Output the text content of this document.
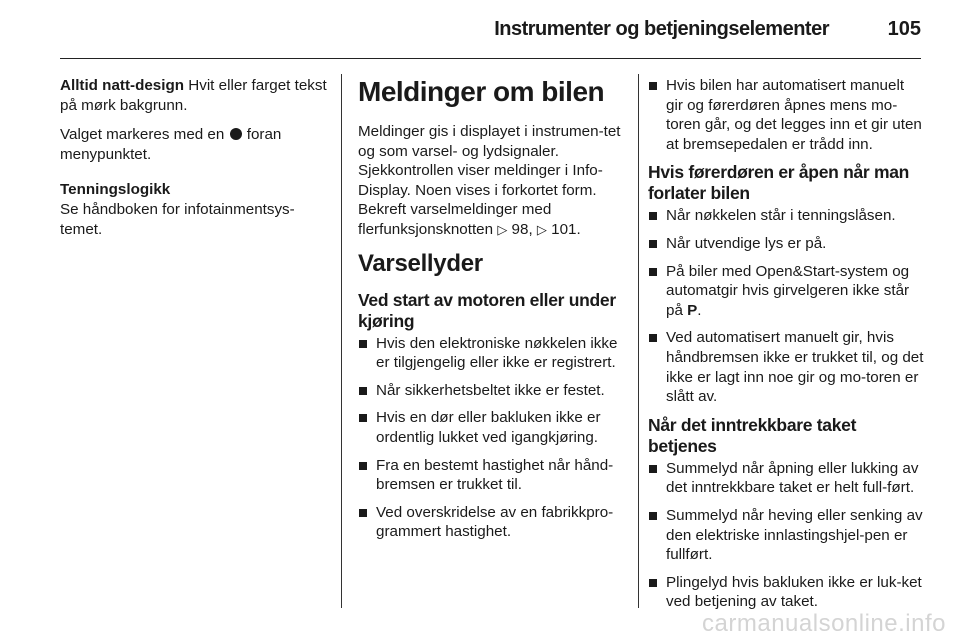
Instrumenter og betjeningselementer	105

Alltid natt-design Hvit eller farget tekst på mørk bakgrunn.

Valget markeres med en  foran menypunktet.

Tenningslogikk
Se håndboken for infotainmentsys-temet.

Meldinger om bilen

Meldinger gis i displayet i instrumen-tet og som varsel- og lydsignaler. Sjekkontrollen viser meldinger i Info-Display. Noen vises i forkortet form. Bekreft varselmeldinger med flerfunksjonsknotten ▷ 98, ▷ 101.

Varsellyder
Ved start av motoren eller under kjøring
Hvis den elektroniske nøkkelen ikke er tilgjengelig eller ikke er registrert.
Når sikkerhetsbeltet ikke er festet.
Hvis en dør eller bakluken ikke er ordentlig lukket ved igangkjøring.
Fra en bestemt hastighet når hånd-bremsen er trukket til.
Ved overskridelse av en fabrikkpro-grammert hastighet.
Hvis bilen har automatisert manuelt gir og førerdøren åpnes mens mo-toren går, og det legges inn et gir uten at bremsepedalen er trådd inn.
Hvis førerdøren er åpen når man forlater bilen
Når nøkkelen står i tenningslåsen.
Når utvendige lys er på.
På biler med Open&Start-system og automatgir hvis girvelgeren ikke står på P.
Ved automatisert manuelt gir, hvis håndbremsen ikke er trukket til, og det ikke er lagt inn noe gir og mo-toren er slått av.
Når det inntrekkbare taket betjenes
Summelyd når åpning eller lukking av det inntrekkbare taket er helt full-ført.
Summelyd når heving eller senking av den elektriske innlastingshjel-pen er fullført.
Plingelyd hvis bakluken ikke er luk-ket ved betjening av taket.
carmanualsonline.info
